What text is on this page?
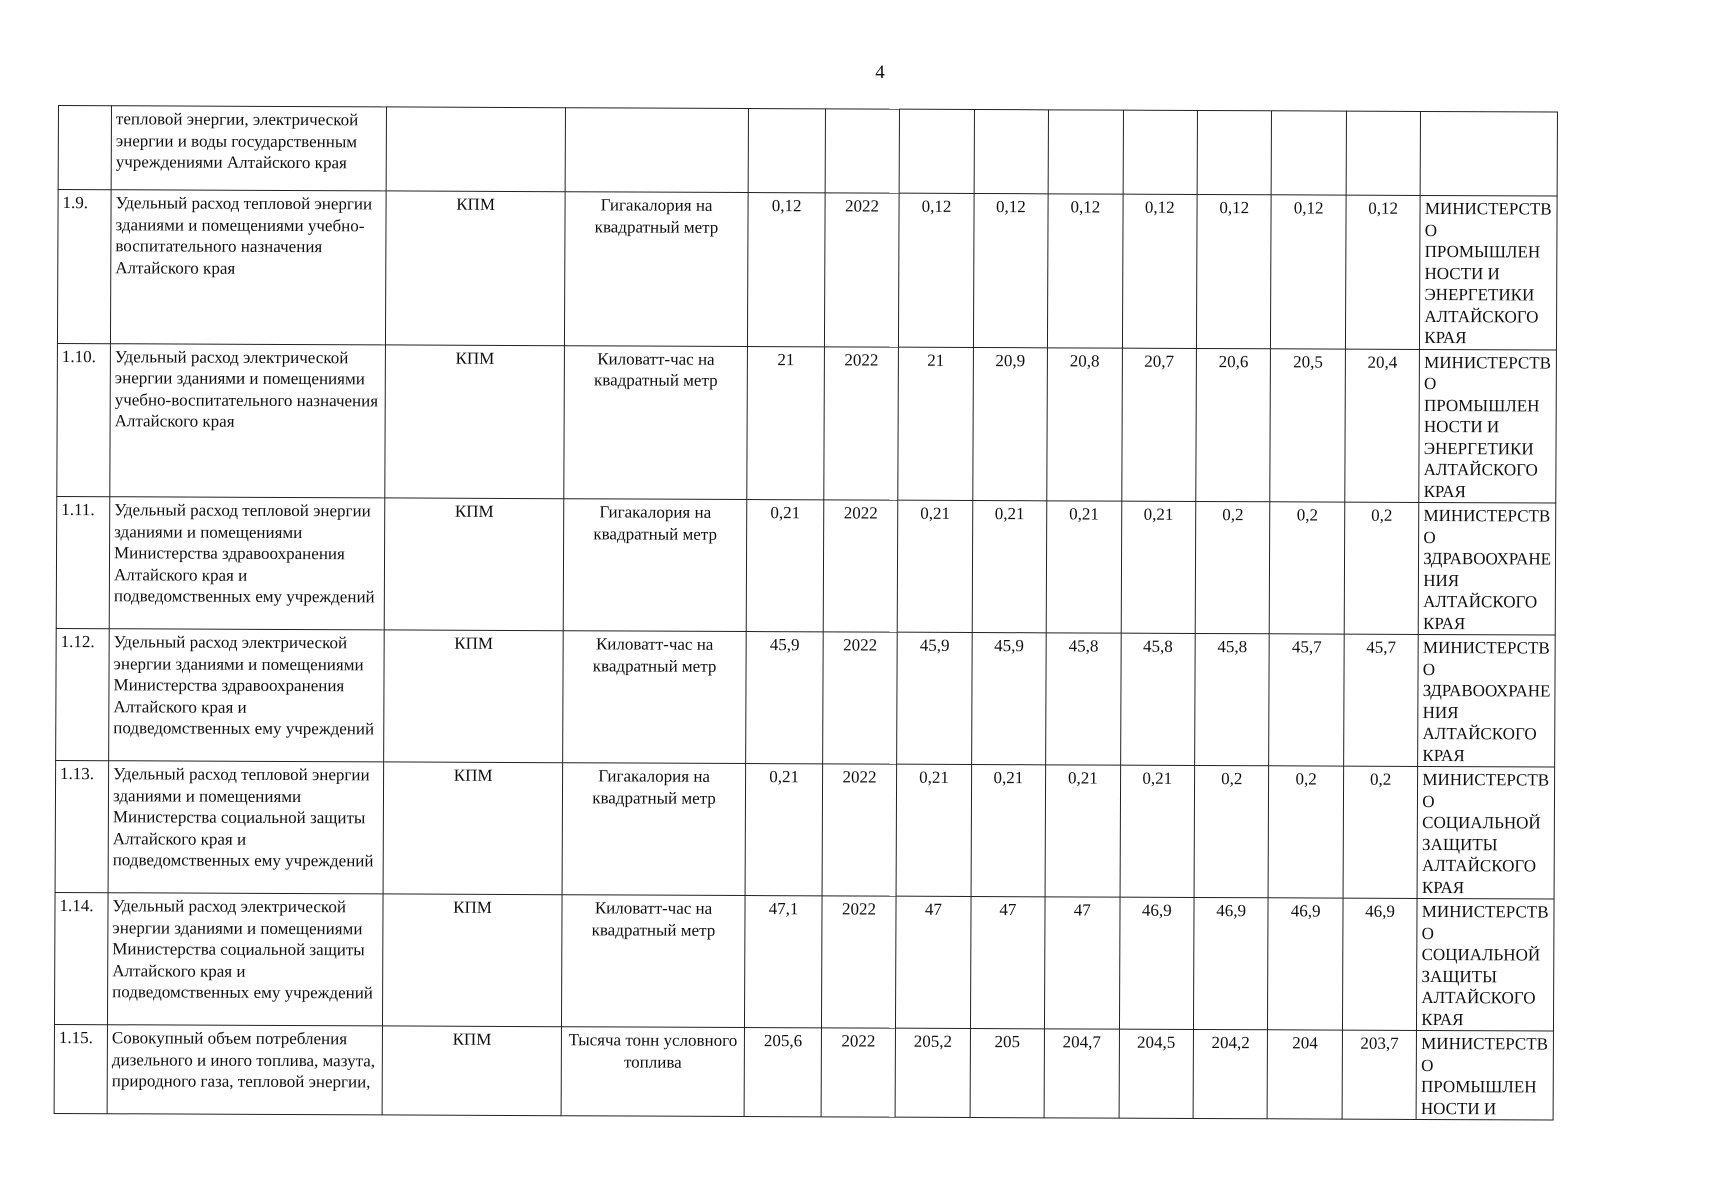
4
	тепловой энергии, электрической энергии и воды государственным учреждениями Алтайского края												
1.9.	Удельный расход тепловой энергии зданиями и помещениями учебно-воспитательного назначения Алтайского края	КПМ	Гигакалория на квадратный метр	0,12	2022	0,12	0,12	0,12	0,12	0,12	0,12	0,12	МИНИСТЕРСТВО ПРОМЫШЛЕННОСТИ И ЭНЕРГЕТИКИ АЛТАЙСКОГО КРАЯ
1.10.	Удельный расход электрической энергии зданиями и помещениями учебно-воспитательного назначения Алтайского края	КПМ	Киловатт-час на квадратный метр	21	2022	21	20,9	20,8	20,7	20,6	20,5	20,4	МИНИСТЕРСТВО ПРОМЫШЛЕННОСТИ И ЭНЕРГЕТИКИ АЛТАЙСКОГО КРАЯ
1.11.	Удельный расход тепловой энергии зданиями и помещениями Министерства здравоохранения Алтайского края и подведомственных ему учреждений	КПМ	Гигакалория на квадратный метр	0,21	2022	0,21	0,21	0,21	0,21	0,2	0,2	0,2	МИНИСТЕРСТВО ЗДРАВООХРАНЕНИЯ АЛТАЙСКОГО КРАЯ
1.12.	Удельный расход электрической энергии зданиями и помещениями Министерства здравоохранения Алтайского края и подведомственных ему учреждений	КПМ	Киловатт-час на квадратный метр	45,9	2022	45,9	45,9	45,8	45,8	45,8	45,7	45,7	МИНИСТЕРСТВО ЗДРАВООХРАНЕНИЯ АЛТАЙСКОГО КРАЯ
1.13.	Удельный расход тепловой энергии зданиями и помещениями Министерства социальной защиты Алтайского края и подведомственных ему учреждений	КПМ	Гигакалория на квадратный метр	0,21	2022	0,21	0,21	0,21	0,21	0,2	0,2	0,2	МИНИСТЕРСТВО СОЦИАЛЬНОЙ ЗАЩИТЫ АЛТАЙСКОГО КРАЯ
1.14.	Удельный расход электрической энергии зданиями и помещениями Министерства социальной защиты Алтайского края и подведомственных ему учреждений	КПМ	Киловатт-час на квадратный метр	47,1	2022	47	47	47	46,9	46,9	46,9	46,9	МИНИСТЕРСТВО СОЦИАЛЬНОЙ ЗАЩИТЫ АЛТАЙСКОГО КРАЯ
1.15.	Совокупный объем потребления дизельного и иного топлива, мазута, природного газа, тепловой энергии,	КПМ	Тысяча тонн условного топлива	205,6	2022	205,2	205	204,7	204,5	204,2	204	203,7	МИНИСТЕРСТВО ПРОМЫШЛЕННОСТИ И
